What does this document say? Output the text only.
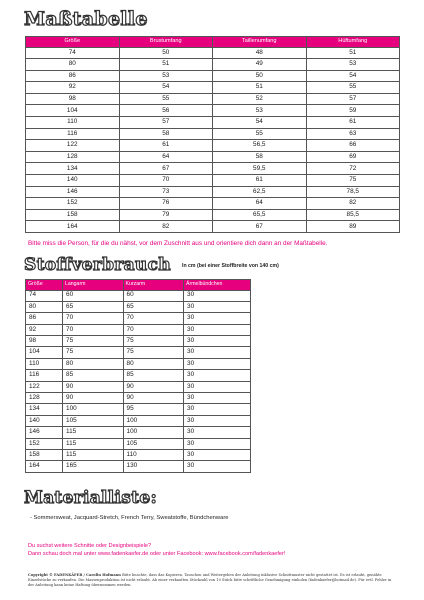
Maßtabelle
Größe	Brustumfang	Taillenumfang	Hüftumfang
74	50	48	51
80	51	49	53
86	53	50	54
92	54	51	55
98	55	52	57
104	56	53	59
110	57	54	61
116	58	55	63
122	61	56,5	66
128	64	58	69
134	67	59,5	72
140	70	61	75
146	73	62,5	78,5
152	76	64	82
158	79	65,5	85,5
164	82	67	89
Bitte miss die Person, für die du nähst, vor dem Zuschnitt aus und orientiere dich dann an der Maßtabelle.
Stoffverbrauch In cm (bei einer Stoffbreite von 140 cm)
Größe	Langarm	Kurzarm	Ärmelbündchen
74	60	60	30
80	65	65	30
86	70	70	30
92	70	70	30
98	75	75	30
104	75	75	30
110	80	80	30
116	85	85	30
122	90	90	30
128	90	90	30
134	100	95	30
140	105	100	30
146	115	100	30
152	115	105	30
158	115	110	30
164	165	130	30
Materialliste:
- Sommersweat, Jacquard-Stretch, French Terry, Sweatstoffe, Bündchenware
Du suchst weitere Schnitte oder Designbeispiele?
Dann schau doch mal unter www.fadenkaefer.de oder unter Facebook: www.facebook.com/fadenkaefer!
Copyright © FADENKÄFER / Carolin Hofmann Bitte beachte, dass das Kopieren, Tauschen und Weitergeben der Anleitung inklusive Schnittmuster nicht gestattet ist. Es ist erlaubt, genähte Einzelstücke zu verkaufen. Die Massenproduktion ist nicht erlaubt. Ab einer verkauften Stückzahl von 10 Stück bitte schriftliche Genehmigung einholen (fadenkaefer@hotmail.de). Für evtl. Fehler in der Anleitung kann keine Haftung übernommen werden.
